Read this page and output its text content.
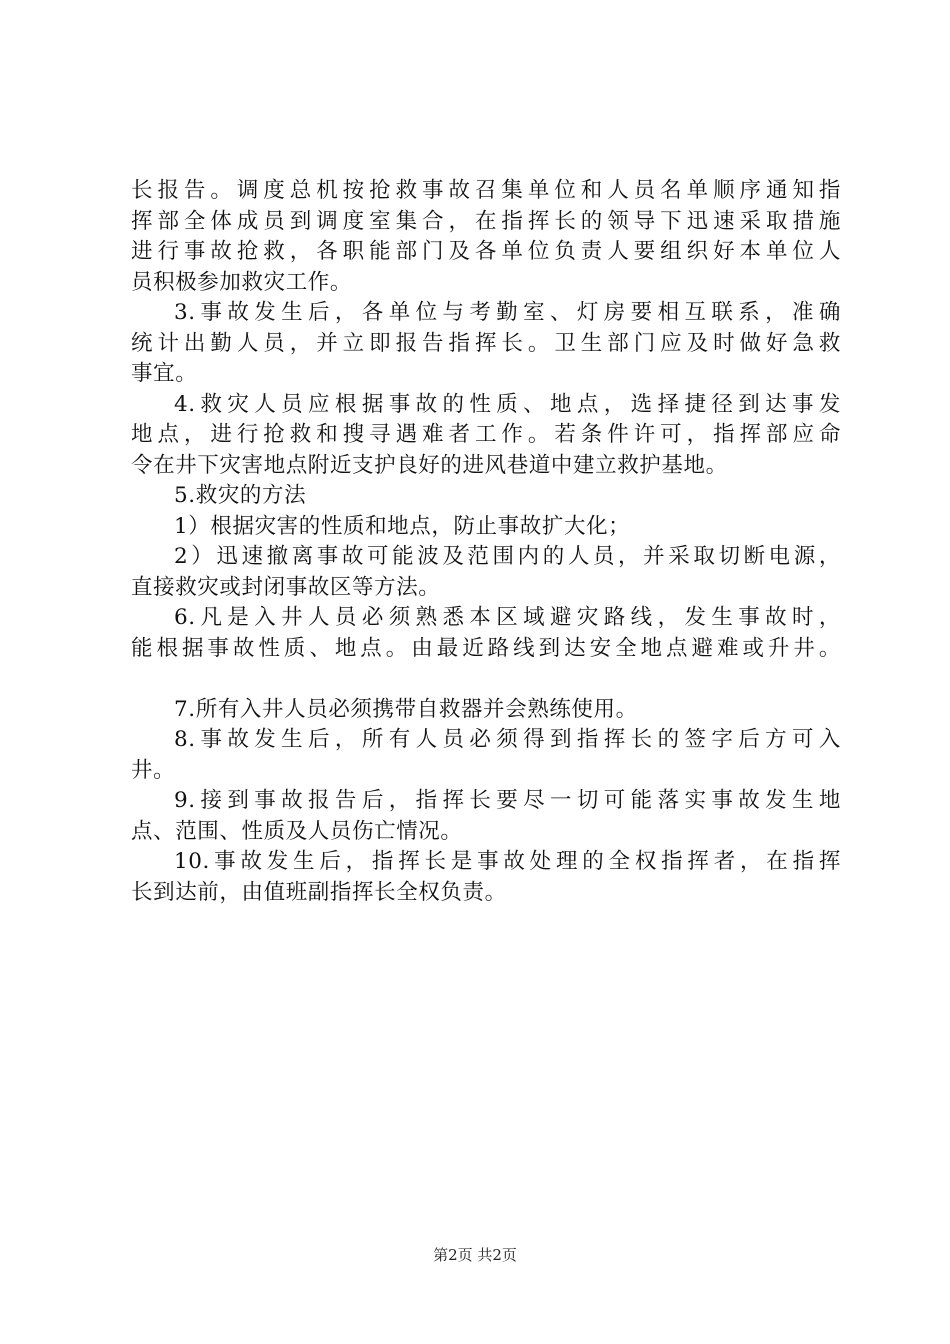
长报告。调度总机按抢救事故召集单位和人员名单顺序通知指
挥部全体成员到调度室集合，在指挥长的领导下迅速采取措施
进行事故抢救，各职能部门及各单位负责人要组织好本单位人
员积极参加救灾工作。
3.事故发生后，各单位与考勤室、灯房要相互联系，准确
统计出勤人员，并立即报告指挥长。卫生部门应及时做好急救
事宜。
4.救灾人员应根据事故的性质、地点，选择捷径到达事发
地点，进行抢救和搜寻遇难者工作。若条件许可，指挥部应命
令在井下灾害地点附近支护良好的进风巷道中建立救护基地。
5.救灾的方法
1）根据灾害的性质和地点，防止事故扩大化；
2）迅速撤离事故可能波及范围内的人员，并采取切断电源，
直接救灾或封闭事故区等方法。
6.凡是入井人员必须熟悉本区域避灾路线，发生事故时，
能根据事故性质、地点。由最近路线到达安全地点避难或升井。
7.所有入井人员必须携带自救器并会熟练使用。
8.事故发生后，所有人员必须得到指挥长的签字后方可入
井。
9.接到事故报告后，指挥长要尽一切可能落实事故发生地
点、范围、性质及人员伤亡情况。
10.事故发生后，指挥长是事故处理的全权指挥者，在指挥
长到达前，由值班副指挥长全权负责。
第2页 共2页
